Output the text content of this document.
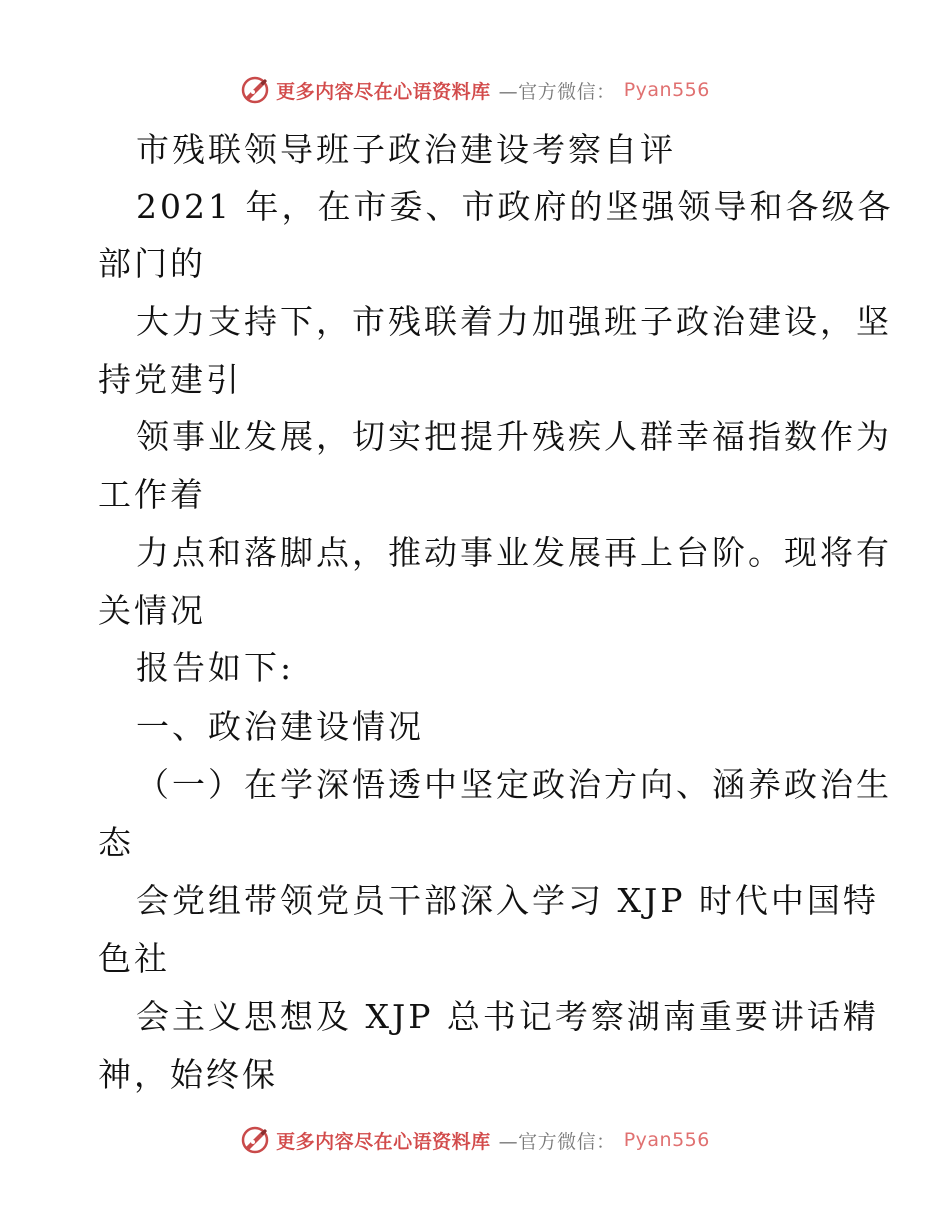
更多内容尽在心语资料库 —官方微信： Pyan556
市残联领导班子政治建设考察自评
2021 年，在市委、市政府的坚强领导和各级各
部门的
大力支持下，市残联着力加强班子政治建设，坚
持党建引
领事业发展，切实把提升残疾人群幸福指数作为
工作着
力点和落脚点，推动事业发展再上台阶。现将有
关情况
报告如下:
一、政治建设情况
（一）在学深悟透中坚定政治方向、涵养政治生
态
会党组带领党员干部深入学习 XJP 时代中国特
色社
会主义思想及 XJP 总书记考察湖南重要讲话精
神，始终保
更多内容尽在心语资料库 —官方微信： Pyan556
